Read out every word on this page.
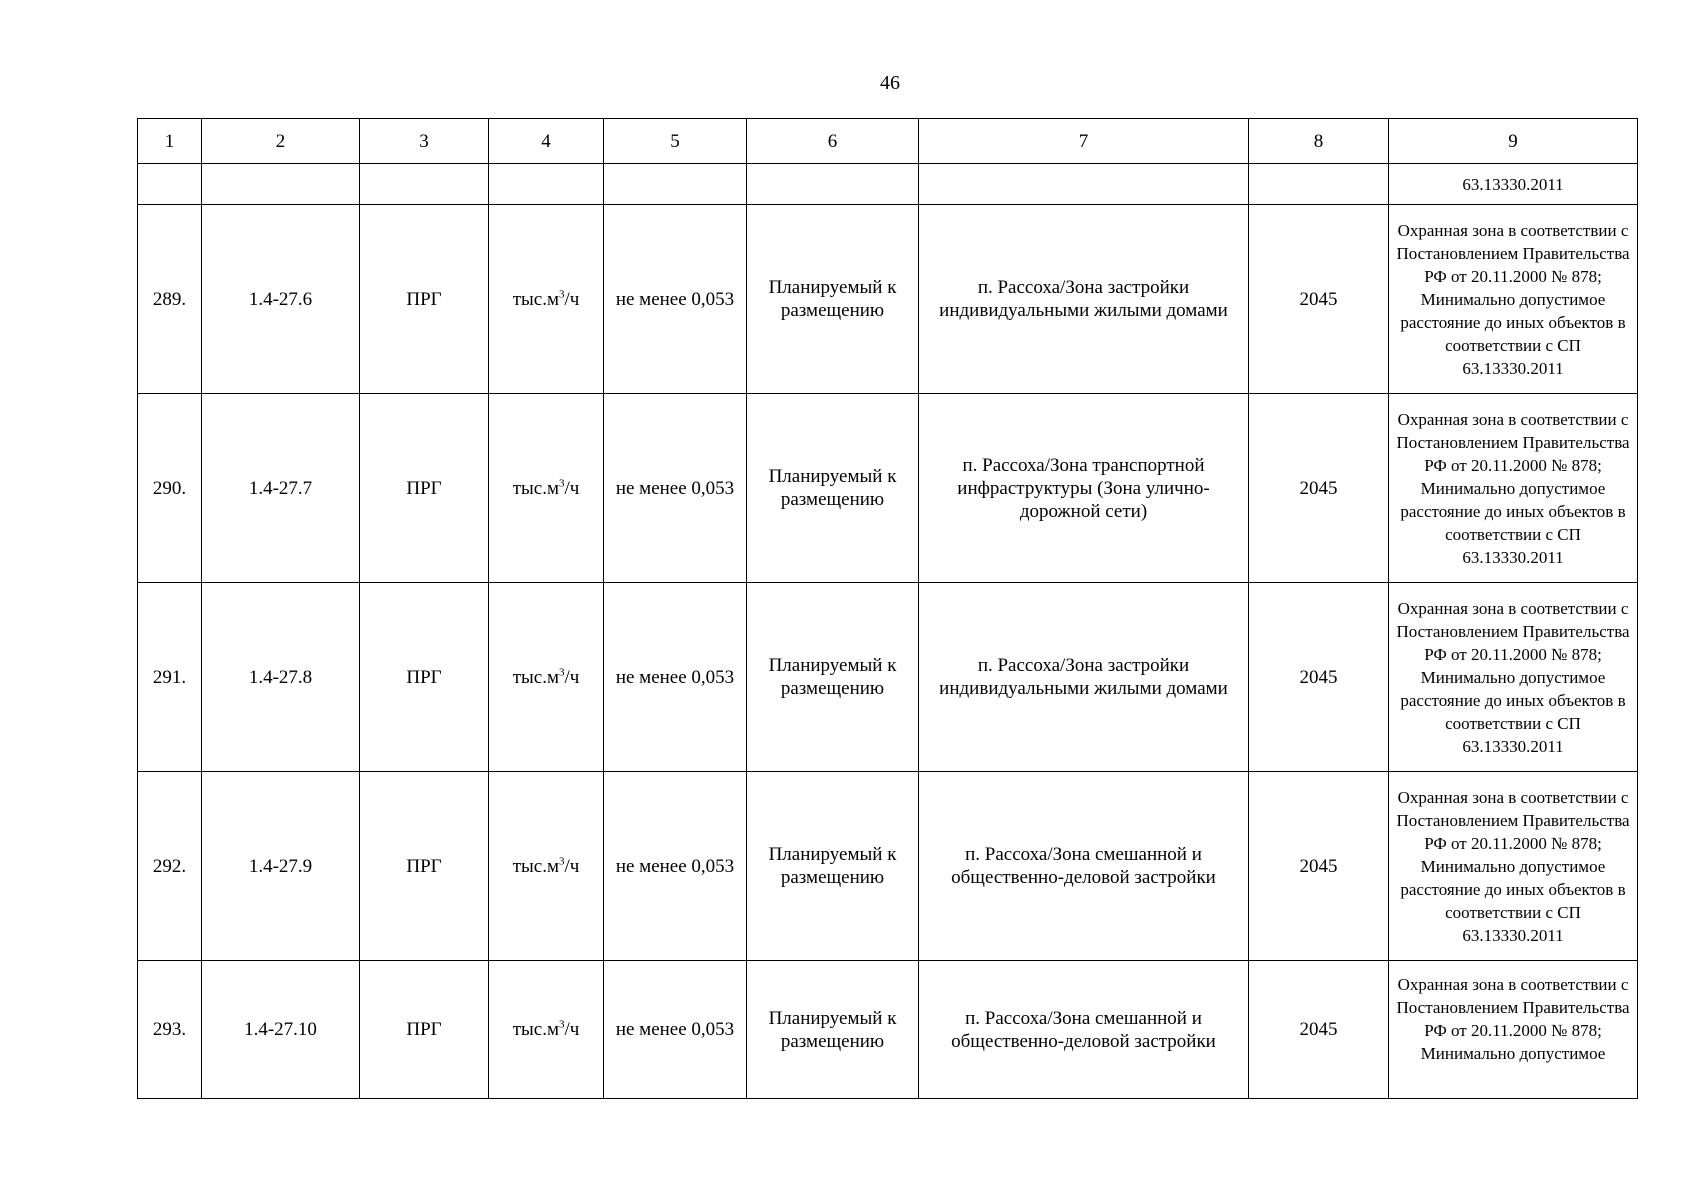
46
1	2	3	4	5	6	7	8	9
								63.13330.2011
289.	1.4-27.6	ПРГ	$тыс.м^3/ч$	не менее 0,053	Планируемый к размещению	п. Рассоха/Зона застройки индивидуальными жилыми домами	2045	Охранная зона в соответствии с Постановлением Правительства РФ от 20.11.2000 № 878; Минимально допустимое расстояние до иных объектов в соответствии с СП 63.13330.2011
290.	1.4-27.7	ПРГ	$тыс.м^3/ч$	не менее 0,053	Планируемый к размещению	п. Рассоха/Зона транспортной инфраструктуры (Зона улично-дорожной сети)	2045	Охранная зона в соответствии с Постановлением Правительства РФ от 20.11.2000 № 878; Минимально допустимое расстояние до иных объектов в соответствии с СП 63.13330.2011
291.	1.4-27.8	ПРГ	$тыс.м^3/ч$	не менее 0,053	Планируемый к размещению	п. Рассоха/Зона застройки индивидуальными жилыми домами	2045	Охранная зона в соответствии с Постановлением Правительства РФ от 20.11.2000 № 878; Минимально допустимое расстояние до иных объектов в соответствии с СП 63.13330.2011
292.	1.4-27.9	ПРГ	$тыс.м^3/ч$	не менее 0,053	Планируемый к размещению	п. Рассоха/Зона смешанной и общественно-деловой застройки	2045	Охранная зона в соответствии с Постановлением Правительства РФ от 20.11.2000 № 878; Минимально допустимое расстояние до иных объектов в соответствии с СП 63.13330.2011
293.	1.4-27.10	ПРГ	$тыс.м^3/ч$	не менее 0,053	Планируемый к размещению	п. Рассоха/Зона смешанной и общественно-деловой застройки	2045	Охранная зона в соответствии с Постановлением Правительства РФ от 20.11.2000 № 878; Минимально допустимое
